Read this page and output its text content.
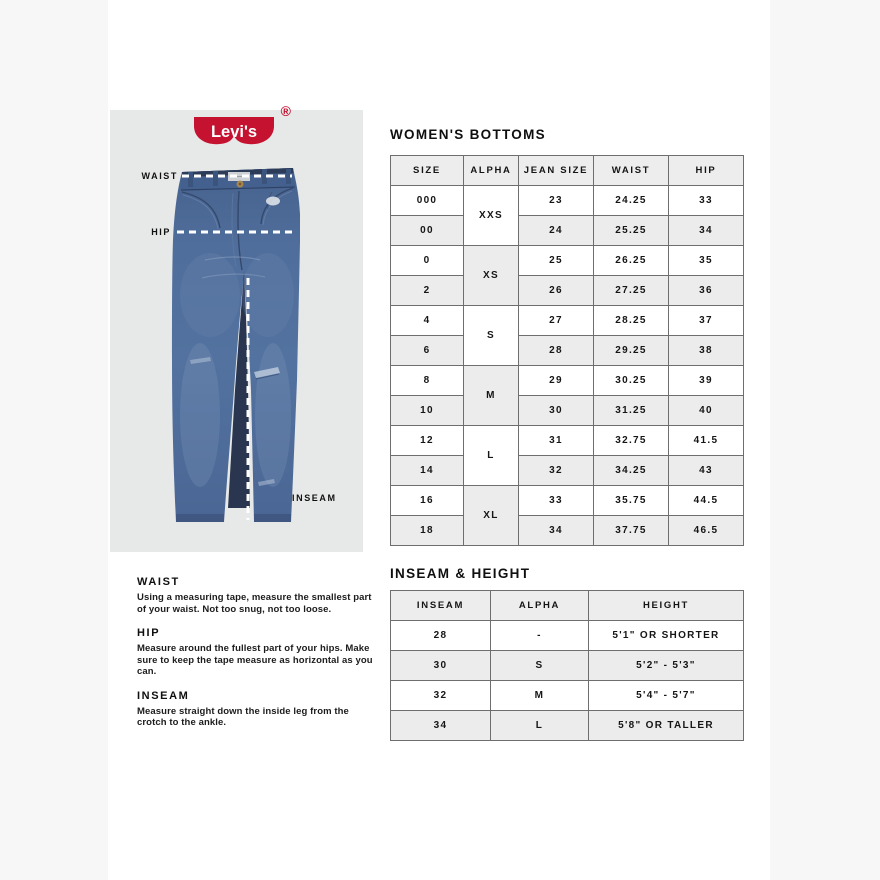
®
Levi's
WAIST
HIP
INSEAM
WOMEN'S BOTTOMS
SIZE	ALPHA	JEAN SIZE	WAIST	HIP
000	XXS	23	24.25	33
00		24	25.25	34
0	XS	25	26.25	35
2		26	27.25	36
4	S	27	28.25	37
6		28	29.25	38
8	M	29	30.25	39
10		30	31.25	40
12	L	31	32.75	41.5
14		32	34.25	43
16	XL	33	35.75	44.5
18		34	37.75	46.5
INSEAM & HEIGHT
INSEAM	ALPHA	HEIGHT
28	-	5'1" OR SHORTER
30	S	5'2" - 5'3"
32	M	5'4" - 5'7"
34	L	5'8" OR TALLER
WAIST

Using a measuring tape, measure the smallest part of your waist. Not too snug, not too loose.

HIP

Measure around the fullest part of your hips. Make sure to keep the tape measure as horizontal as you can.

INSEAM

Measure straight down the inside leg from the crotch to the ankle.
